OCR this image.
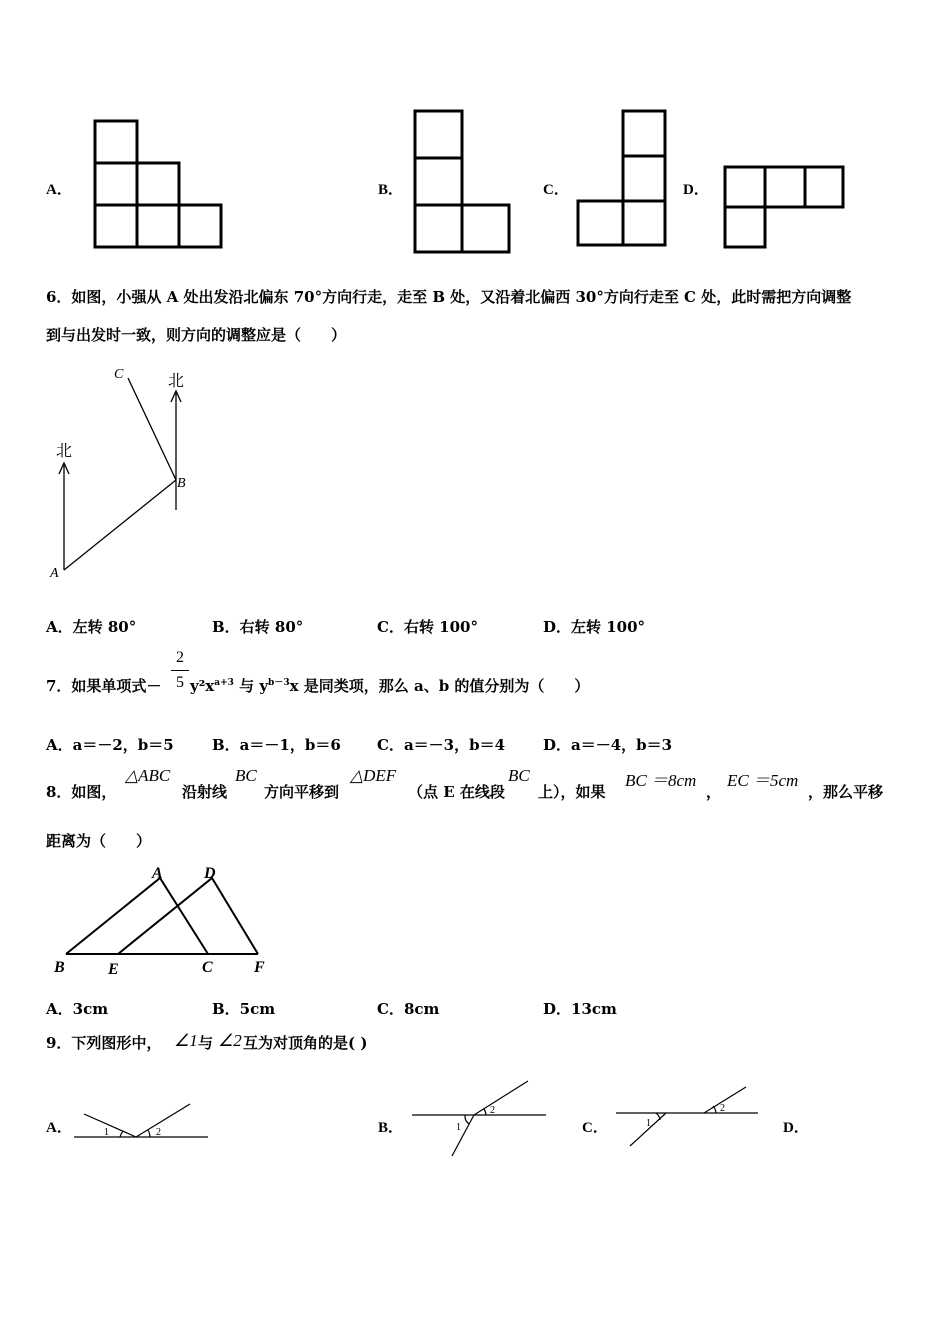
A．	B．	C．	D．
6．如图，小强从 A 处出发沿北偏东 70°方向行走，走至 B 处，又沿着北偏西 30°方向行走至 C 处，此时需把方向调整
到与出发时一致，则方向的调整应是（　　）
北
北
A
B
C
A．左转 80°	B．右转 80°	C．右转 100°	D．左转 100°
7．如果单项式－
2
5 $y^2x^{a+3}$ 与 $y^{b-3}x$ 是同类项，那么 a、b 的值分别为（　　）
A．a＝－2，b＝5	B．a＝－1，b＝6 C．a＝－3，b＝4	D．a＝－4，b＝3
8．如图，
△ABC
沿射线
BC
方向平移到
△DEF
（点 E 在线段
BC
上），如果
BC ＝8cm
，
EC ＝5cm
，那么平移
距离为（　　）
A	D
B	E	C	F
A．3cm	B．5cm	C．8cm	D．13cm
9．下列图形中， ∠1 与 ∠2 互为对顶角的是( )
A．	1	2	B．
2
1	C．	1
2
D．
